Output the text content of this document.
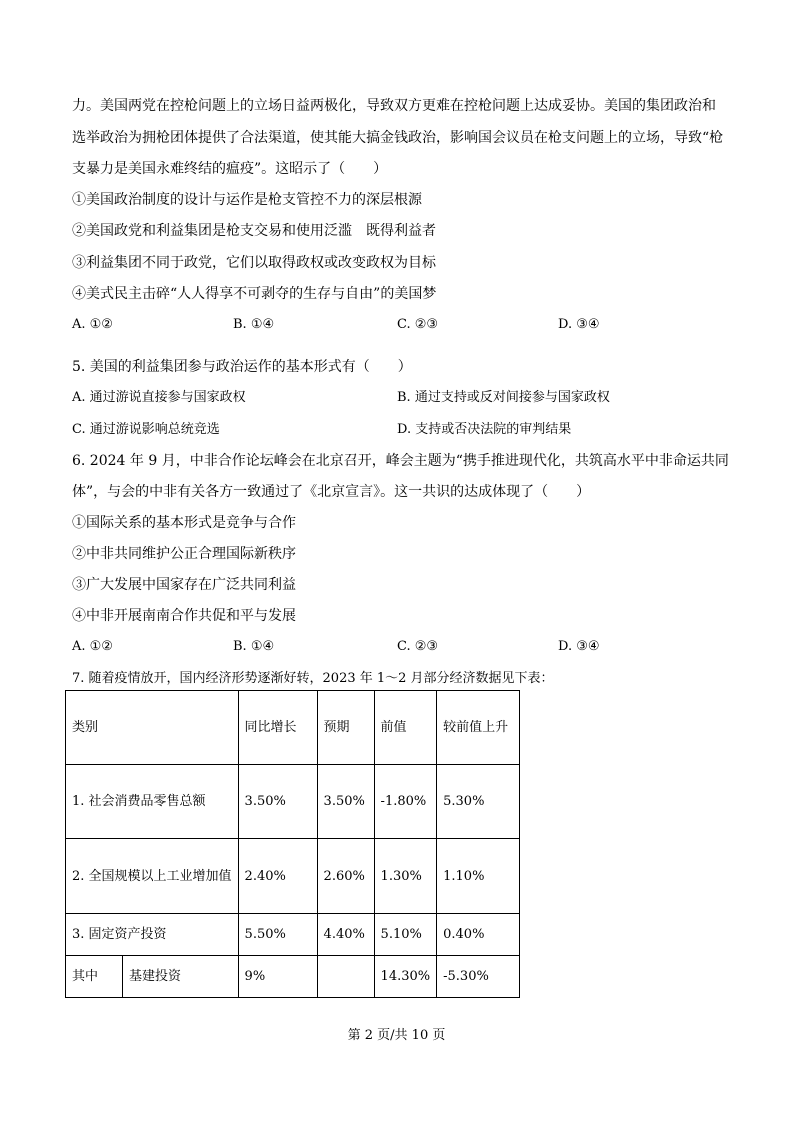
力。美国两党在控枪问题上的立场日益两极化，导致双方更难在控枪问题上达成妥协。美国的集团政治和
选举政治为拥枪团体提供了合法渠道，使其能大搞金钱政治，影响国会议员在枪支问题上的立场，导致“枪
支暴力是美国永难终结的瘟疫”。这昭示了（　　）
①美国政治制度的设计与运作是枪支管控不力的深层根源
②美国政党和利益集团是枪支交易和使用泛滥　既得利益者
③利益集团不同于政党，它们以取得政权或改变政权为目标
④美式民主击碎“人人得享不可剥夺的生存与自由”的美国梦
A. ①②	B. ①④	C. ②③	D. ③④
5. 美国的利益集团参与政治运作的基本形式有（　　）
A. 通过游说直接参与国家政权	B. 通过支持或反对间接参与国家政权
C. 通过游说影响总统竞选	D. 支持或否决法院的审判结果
6. 2024 年 9 月，中非合作论坛峰会在北京召开，峰会主题为“携手推进现代化，共筑高水平中非命运共同
体”，与会的中非有关各方一致通过了《北京宣言》。这一共识的达成体现了（　　）
①国际关系的基本形式是竞争与合作
②中非共同维护公正合理国际新秩序
③广大发展中国家存在广泛共同利益
④中非开展南南合作共促和平与发展
A. ①②	B. ①④	C. ②③	D. ③④
7. 随着疫情放开，国内经济形势逐渐好转，2023 年 1～2 月部分经济数据见下表：
类别		同比增长	预期	前值	较前值上升
1. 社会消费品零售总额		3.50%	3.50%	-1.80%	5.30%
2. 全国规模以上工业增加值		2.40%	2.60%	1.30%	1.10%
3. 固定资产投资		5.50%	4.40%	5.10%	0.40%
其中	基建投资	9%		14.30%	-5.30%
第 2 页/共 10 页
